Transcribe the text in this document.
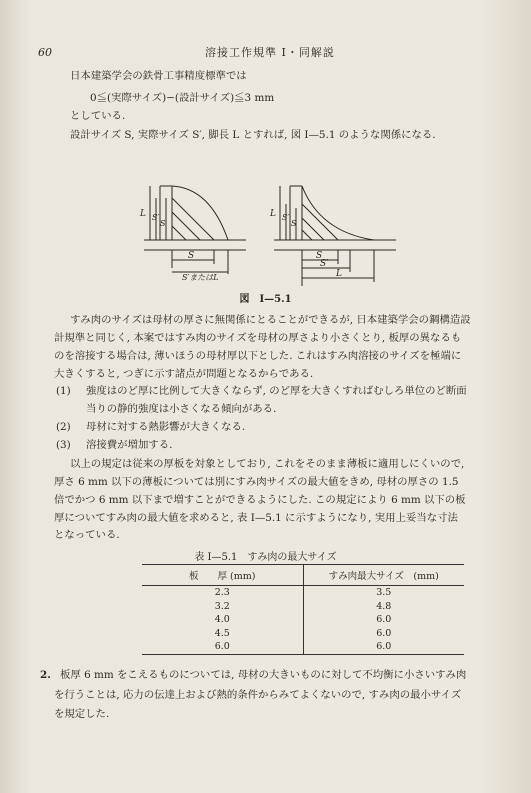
60	溶接工作規準 I・同解説
日本建築学会の鉄骨工事精度標準では
0≦(実際サイズ)−(設計サイズ)≦3 mm
としている.
設計サイズ S, 実際サイズ S′, 脚長 L とすれば, 図 I—5.1 のような関係になる.
L S′
S
S
S′またはL
L S′
S
S
S′
L
図　I—5.1
すみ肉のサイズは母材の厚さに無関係にとることができるが, 日本建築学会の鋼構造設
計規準と同じく, 本案ではすみ肉のサイズを母材の厚さより小さくとり, 板厚の異なるも
のを溶接する場合は, 薄いほうの母材厚以下とした. これはすみ肉溶接のサイズを極端に
大きくすると, つぎに示す諸点が問題となるからである.
(1) 強度はのど厚に比例して大きくならず, のど厚を大きくすればむしろ単位のど断面
当りの静的強度は小さくなる傾向がある.
(2) 母材に対する熱影響が大きくなる.
(3) 溶接費が増加する.
以上の規定は従来の厚板を対象としており, これをそのまま薄板に適用しにくいので,
厚さ 6 mm 以下の薄板については別にすみ肉サイズの最大値をきめ, 母材の厚さの 1.5
倍でかつ 6 mm 以下まで増すことができるようにした. この規定により 6 mm 以下の板
厚についてすみ肉の最大値を求めると, 表 I—5.1 に示すようになり, 実用上妥当な寸法
となっている.
表 I—5.1　すみ肉の最大サイズ
板　　厚 (mm)	すみ肉最大サイズ　(mm)
2.3	3.5
3.2	4.8
4.0	6.0
4.5	6.0
6.0	6.0
2. 板厚 6 mm をこえるものについては, 母材の大きいものに対して不均衡に小さいすみ肉
を行うことは, 応力の伝達上および熱的条件からみてよくないので, すみ肉の最小サイズ
を規定した.
